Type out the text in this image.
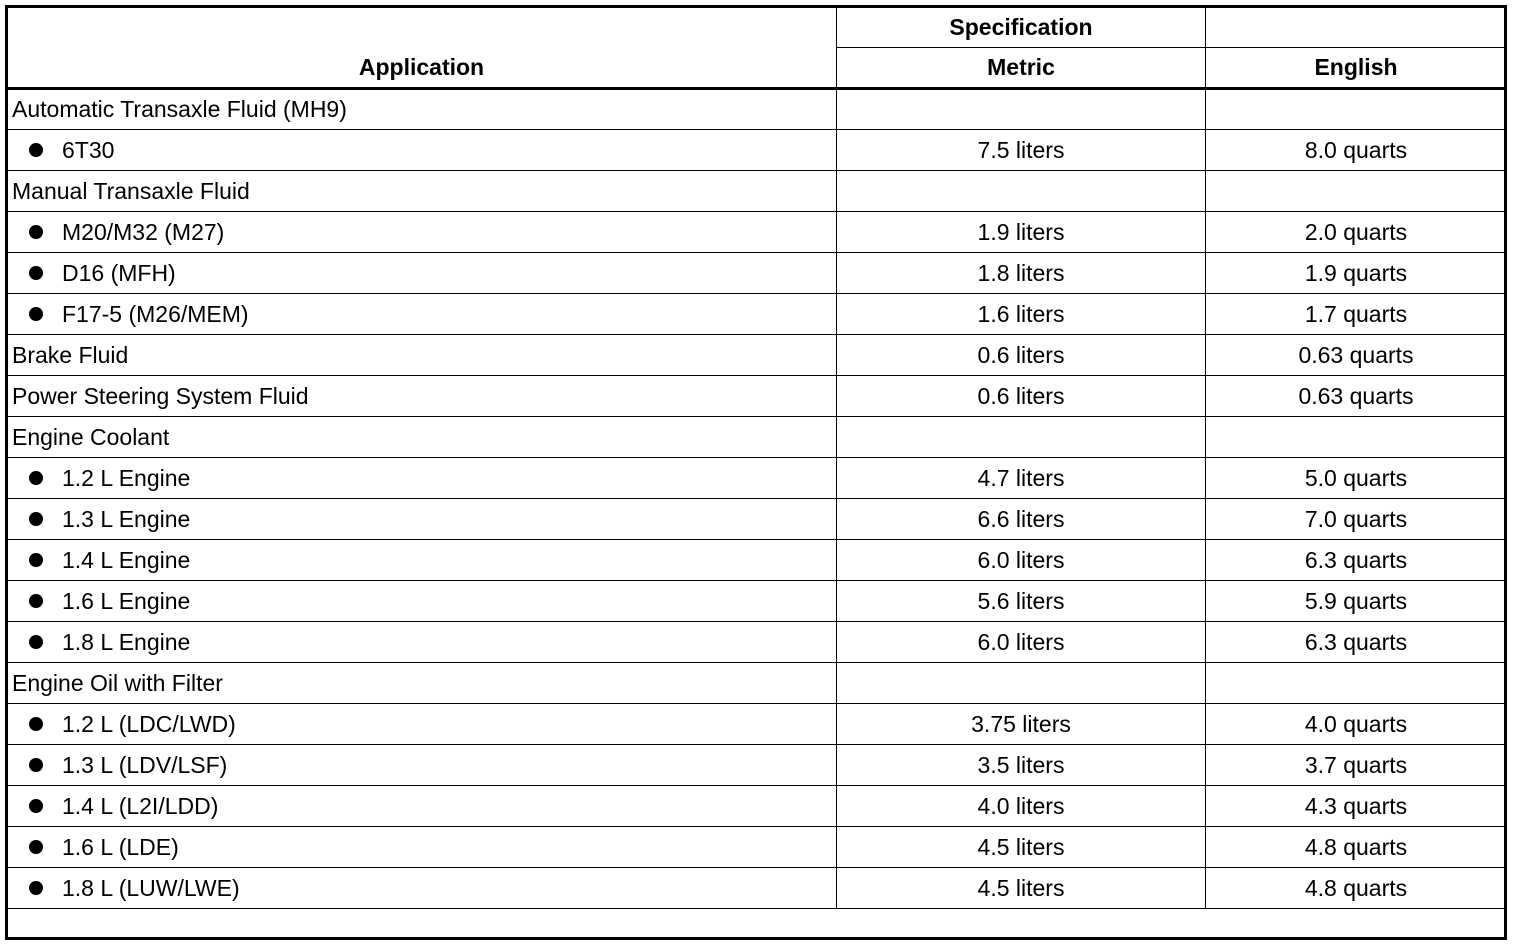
Application	Specification	
	Metric	English
Automatic Transaxle Fluid (MH9)		
6T30	7.5 liters	8.0 quarts
Manual Transaxle Fluid		
M20/M32 (M27)	1.9 liters	2.0 quarts
D16 (MFH)	1.8 liters	1.9 quarts
F17-5 (M26/MEM)	1.6 liters	1.7 quarts
Brake Fluid	0.6 liters	0.63 quarts
Power Steering System Fluid	0.6 liters	0.63 quarts
Engine Coolant		
1.2 L Engine	4.7 liters	5.0 quarts
1.3 L Engine	6.6 liters	7.0 quarts
1.4 L Engine	6.0 liters	6.3 quarts
1.6 L Engine	5.6 liters	5.9 quarts
1.8 L Engine	6.0 liters	6.3 quarts
Engine Oil with Filter		
1.2 L (LDC/LWD)	3.75 liters	4.0 quarts
1.3 L (LDV/LSF)	3.5 liters	3.7 quarts
1.4 L (L2I/LDD)	4.0 liters	4.3 quarts
1.6 L (LDE)	4.5 liters	4.8 quarts
1.8 L (LUW/LWE)	4.5 liters	4.8 quarts
